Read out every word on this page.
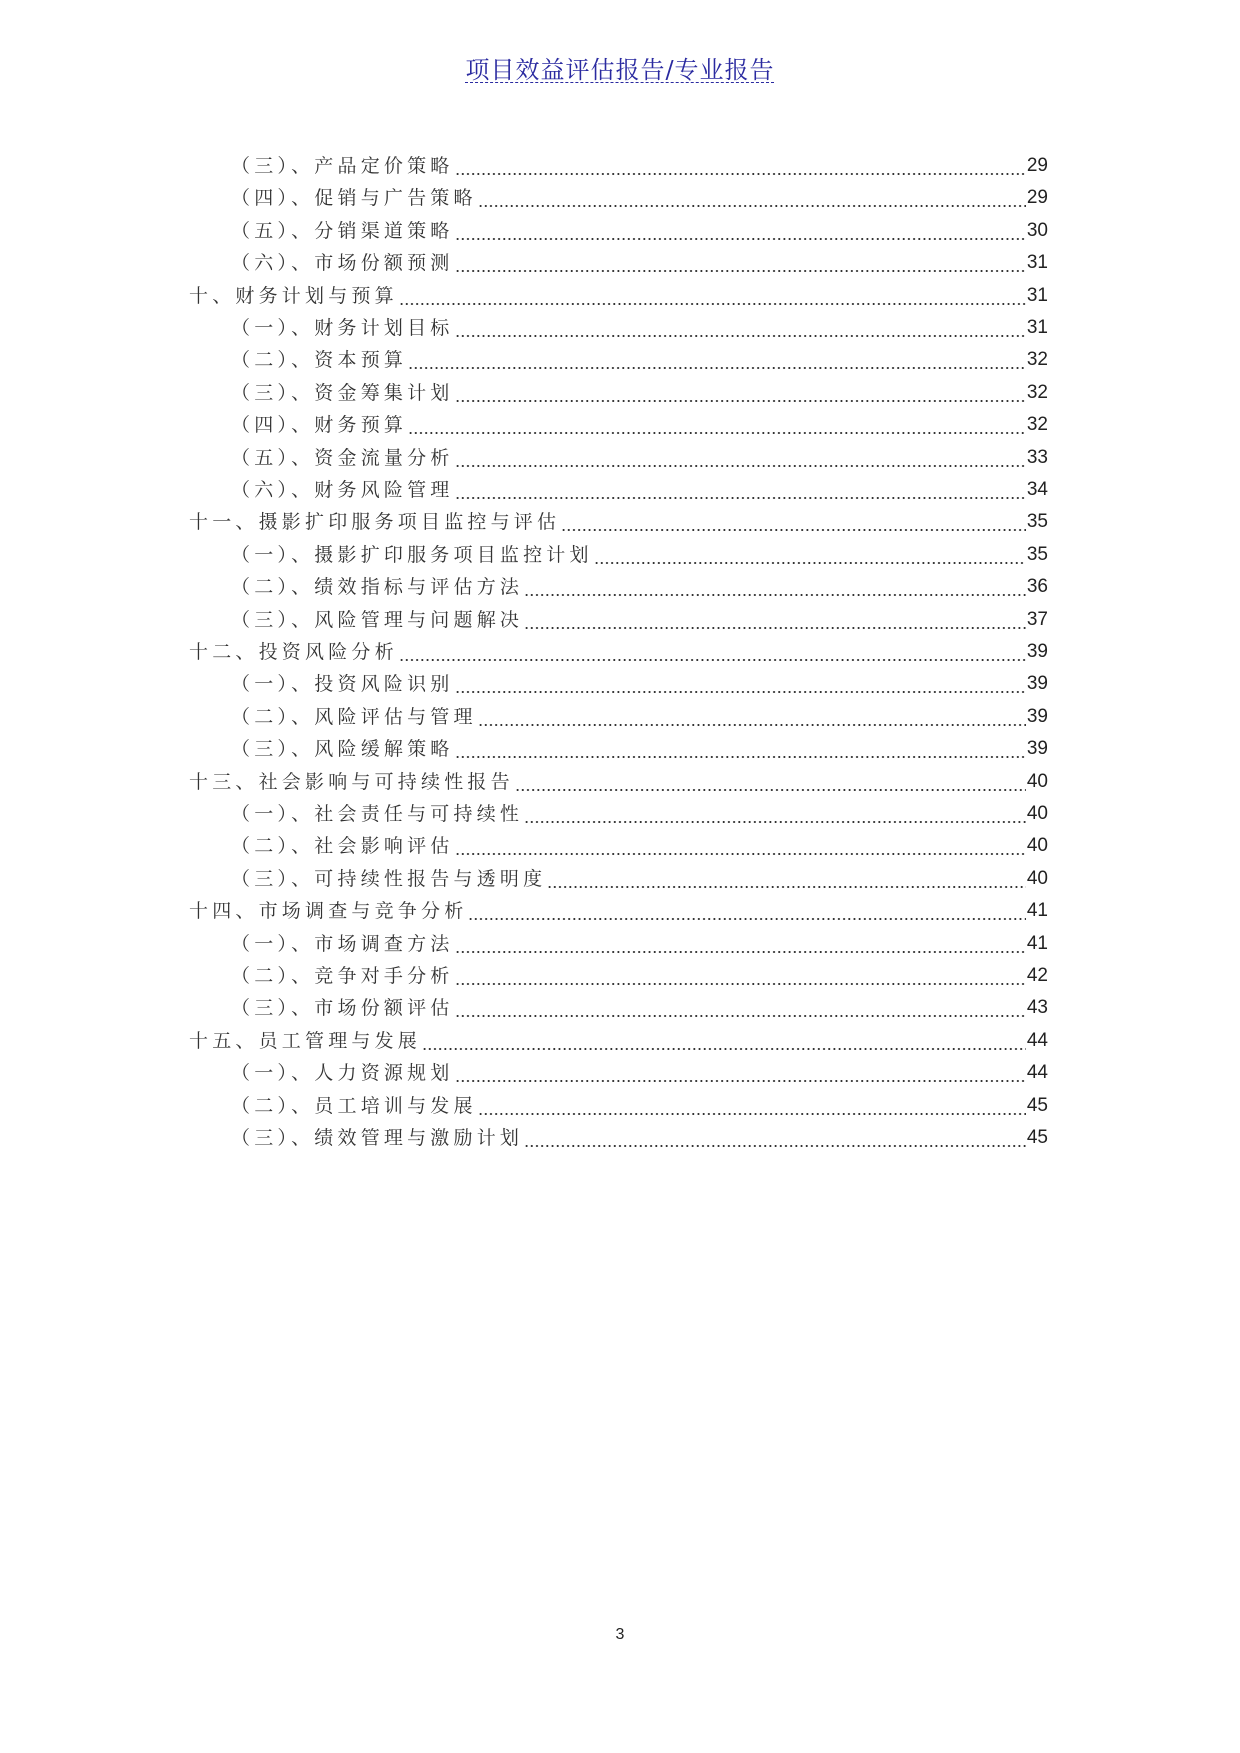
项目效益评估报告/专业报告
（三）、产品定价策略	29
（四）、促销与广告策略	29
（五）、分销渠道策略	30
（六）、市场份额预测	31
十、财务计划与预算	31
（一）、财务计划目标	31
（二）、资本预算	32
（三）、资金筹集计划	32
（四）、财务预算	32
（五）、资金流量分析	33
（六）、财务风险管理	34
十一、摄影扩印服务项目监控与评估	35
（一）、摄影扩印服务项目监控计划	35
（二）、绩效指标与评估方法	36
（三）、风险管理与问题解决	37
十二、投资风险分析	39
（一）、投资风险识别	39
（二）、风险评估与管理	39
（三）、风险缓解策略	39
十三、社会影响与可持续性报告	40
（一）、社会责任与可持续性	40
（二）、社会影响评估	40
（三）、可持续性报告与透明度	40
十四、市场调查与竞争分析	41
（一）、市场调查方法	41
（二）、竞争对手分析	42
（三）、市场份额评估	43
十五、员工管理与发展	44
（一）、人力资源规划	44
（二）、员工培训与发展	45
（三）、绩效管理与激励计划	45
3
